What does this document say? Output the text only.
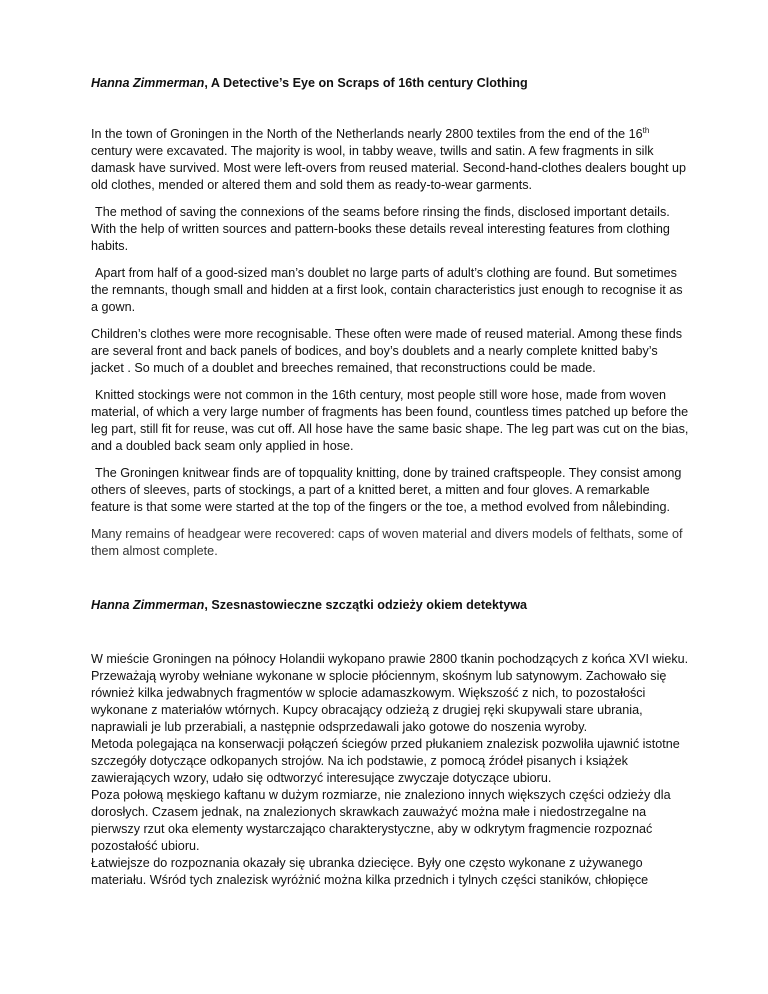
Hanna Zimmerman, A Detective’s Eye on Scraps of 16th century Clothing

In the town of Groningen in the North of the Netherlands nearly 2800 textiles from the end of the 16th century were excavated. The majority is wool, in tabby weave, twills and satin. A few fragments in silk damask have survived. Most were left-overs from reused material. Second-hand-clothes dealers bought up old clothes, mended or altered them and sold them as ready-to-wear garments.

The method of saving the connexions of the seams before rinsing the finds, disclosed important details. With the help of written sources and pattern-books these details reveal interesting features from clothing habits.

Apart from half of a good-sized man’s doublet no large parts of adult’s clothing are found. But sometimes the remnants, though small and hidden at a first look, contain characteristics just enough to recognise it as a gown.

Children’s clothes were more recognisable. These often were made of reused material. Among these finds are several front and back panels of bodices, and boy’s doublets and a nearly complete knitted baby’s jacket . So much of a doublet and breeches remained, that reconstructions could be made.

Knitted stockings were not common in the 16th century, most people still wore hose, made from woven material, of which a very large number of fragments has been found, countless times patched up before the leg part, still fit for reuse, was cut off. All hose have the same basic shape. The leg part was cut on the bias, and a doubled back seam only applied in hose.

The Groningen knitwear finds are of topquality knitting, done by trained craftspeople. They consist among others of sleeves, parts of stockings, a part of a knitted beret, a mitten and four gloves. A remarkable feature is that some were started at the top of the fingers or the toe, a method evolved from nålebinding.

Many remains of headgear were recovered: caps of woven material and divers models of felthats, some of them almost complete.

Hanna Zimmerman, Szesnastowieczne szczątki odzieży okiem detektywa

W mieście Groningen na północy Holandii wykopano prawie 2800 tkanin pochodzących z końca XVI wieku. Przeważają wyroby wełniane wykonane w splocie płóciennym, skośnym lub satynowym. Zachowało się również kilka jedwabnych fragmentów w splocie adamaszkowym. Większość z nich, to pozostałości wykonane z materiałów wtórnych. Kupcy obracający odzieżą z drugiej ręki skupywali stare ubrania, naprawiali je lub przerabiali, a następnie odsprzedawali jako gotowe do noszenia wyroby.

Metoda polegająca na konserwacji połączeń ściegów przed płukaniem znalezisk pozwoliła ujawnić istotne szczegóły dotyczące odkopanych strojów. Na ich podstawie, z pomocą źródeł pisanych i książek zawierających wzory, udało się odtworzyć interesujące zwyczaje dotyczące ubioru.

Poza połową męskiego kaftanu w dużym rozmiarze, nie znaleziono innych większych części odzieży dla dorosłych. Czasem jednak, na znalezionych skrawkach zauważyć można małe i niedostrzegalne na pierwszy rzut oka elementy wystarczająco charakterystyczne, aby w odkrytym fragmencie rozpoznać pozostałość ubioru.

Łatwiejsze do rozpoznania okazały się ubranka dziecięce. Były one często wykonane z używanego materiału. Wśród tych znalezisk wyróżnić można kilka przednich i tylnych części staników, chłopięce
